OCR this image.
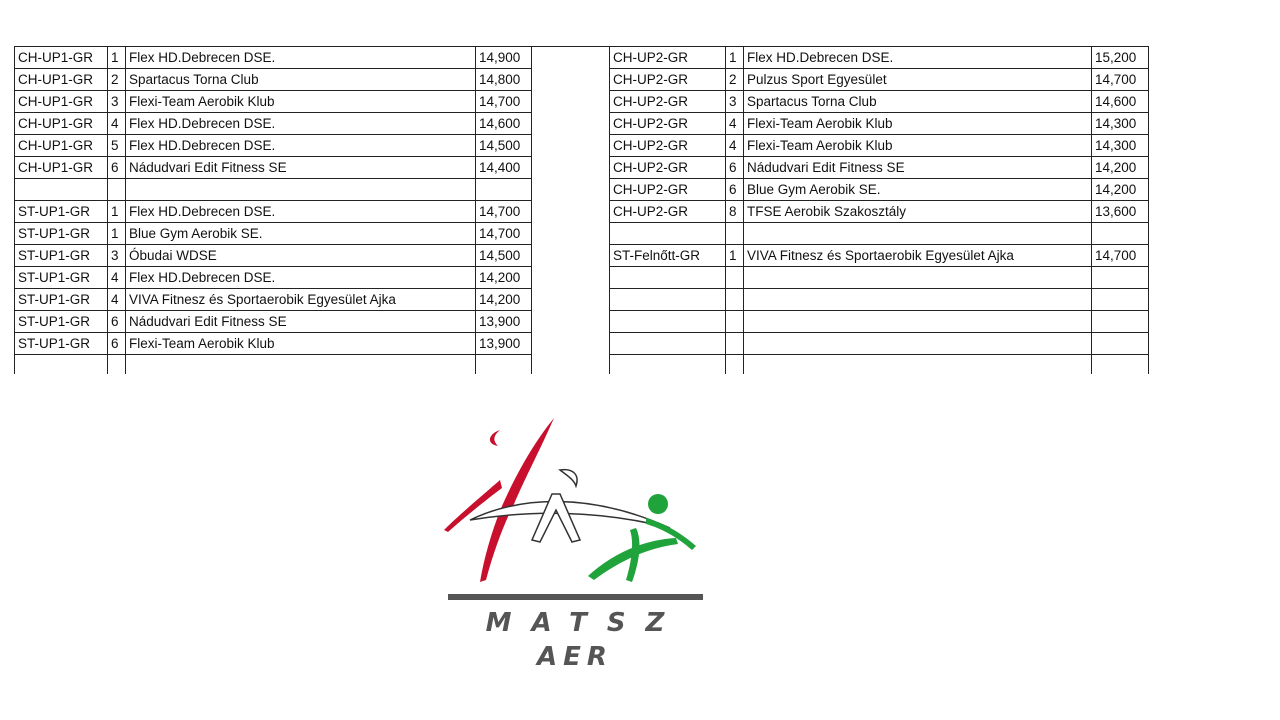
CH-UP1-GR	1	Flex HD.Debrecen DSE.	14,900		CH-UP2-GR	1	Flex HD.Debrecen DSE.	15,200
CH-UP1-GR	2	Spartacus Torna Club	14,800		CH-UP2-GR	2	Pulzus Sport Egyesület	14,700
CH-UP1-GR	3	Flexi-Team Aerobik Klub	14,700		CH-UP2-GR	3	Spartacus Torna Club	14,600
CH-UP1-GR	4	Flex HD.Debrecen DSE.	14,600		CH-UP2-GR	4	Flexi-Team Aerobik Klub	14,300
CH-UP1-GR	5	Flex HD.Debrecen DSE.	14,500		CH-UP2-GR	4	Flexi-Team Aerobik Klub	14,300
CH-UP1-GR	6	Nádudvari Edit Fitness SE	14,400		CH-UP2-GR	6	Nádudvari Edit Fitness SE	14,200
					CH-UP2-GR	6	Blue Gym Aerobik SE.	14,200
ST-UP1-GR	1	Flex HD.Debrecen DSE.	14,700		CH-UP2-GR	8	TFSE Aerobik Szakosztály	13,600
ST-UP1-GR	1	Blue Gym Aerobik SE.	14,700					
ST-UP1-GR	3	Óbudai WDSE	14,500		ST-Felnőtt-GR	1	VIVA Fitnesz és Sportaerobik Egyesület Ajka	14,700
ST-UP1-GR	4	Flex HD.Debrecen DSE.	14,200					
ST-UP1-GR	4	VIVA Fitnesz és Sportaerobik Egyesület Ajka	14,200					
ST-UP1-GR	6	Nádudvari Edit Fitness SE	13,900					
ST-UP1-GR	6	Flexi-Team Aerobik Klub	13,900					

MATSZ
AER
